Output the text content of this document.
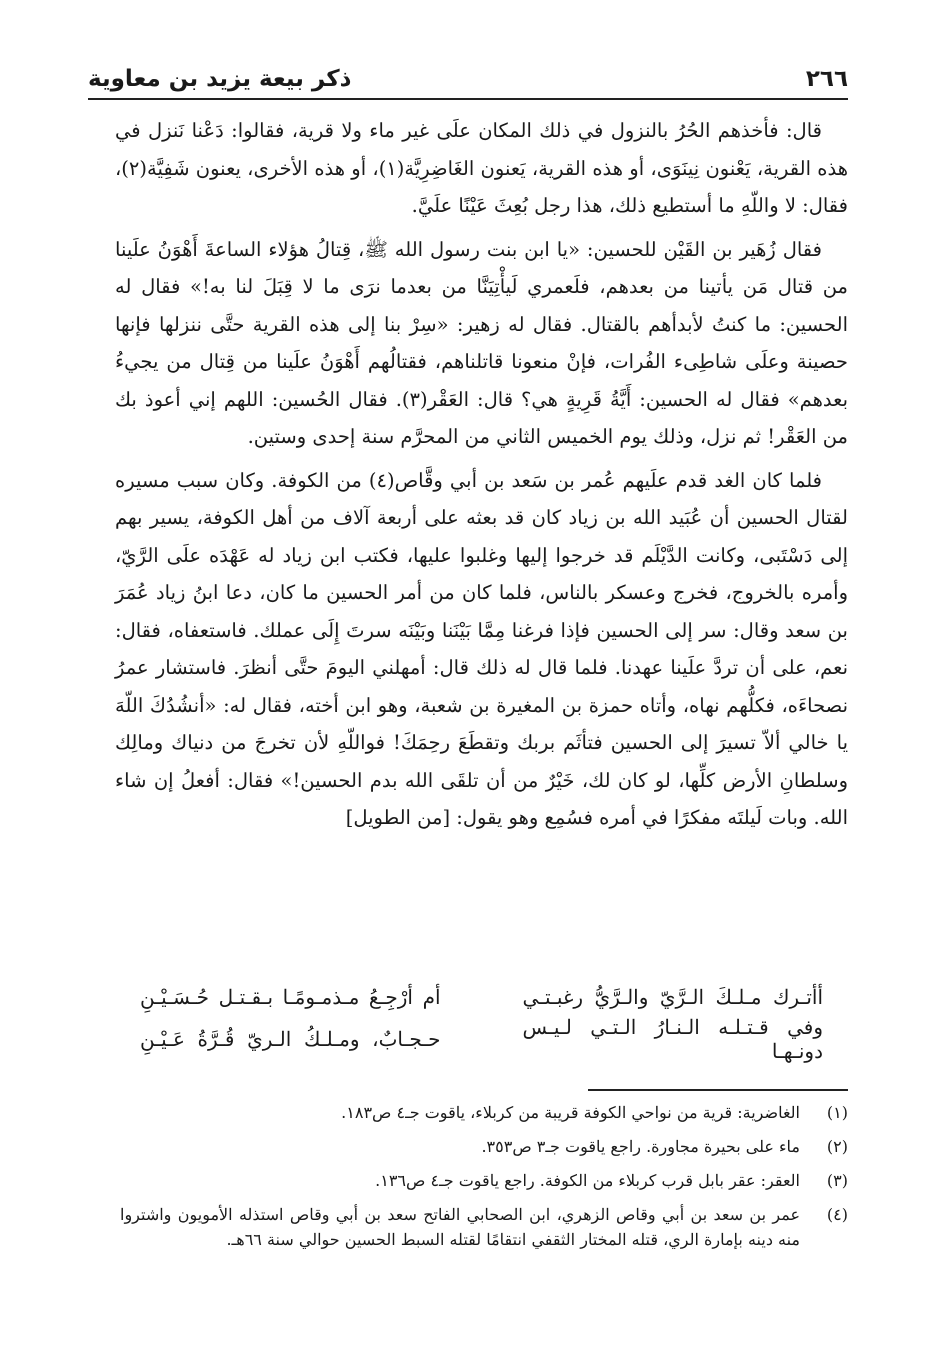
٢٦٦
ذكر بيعة يزيد بن معاوية

قال: فأخذهم الحُرُ بالنزول في ذلك المكان علَى غير ماء ولا قرية، فقالوا: دَعْنا نَنزل في هذه القرية، يَعْنون نِينَوَى، أو هذه القرية، يَعنون الغَاضِرِيَّة(١)، أو هذه الأخرى، يعنون شَفِيَّة(٢)، فقال: لا واللّهِ ما أستطيع ذلك، هذا رجل بُعِثَ عَيْنًا علَيَّ.

فقال زُهَير بن القَيْن للحسين: «يا ابن بنت رسول الله ﷺ، قِتالُ هؤلاء الساعةَ أَهْوَنُ علَينا من قتال مَن يأتينا من بعدهم، فلَعمري لَيأْتِيَنَّا من بعدما نرَى ما لا قِبَلَ لنا به!» فقال له الحسين: ما كنتُ لأبدأهم بالقتال. فقال له زهير: «سِرْ بنا إلى هذه القرية حتَّى ننزلها فإنها حصينة وعلَى شاطِىء الفُرات، فإنْ منعونا قاتلناهم، فقتالُهم أَهْوَنُ علَينا من قِتال من يجيءُ بعدهم» فقال له الحسين: أَيَّةُ قَرِيةٍ هي؟ قال: العَقْر(٣). فقال الحُسين: اللهم إني أعوذ بك من العَقْر! ثم نزل، وذلك يوم الخميس الثاني من المحرَّم سنة إحدى وستين.

فلما كان الغد قدم علَيهم عُمر بن سَعد بن أبي وقَّاص(٤) من الكوفة. وكان سبب مسيره لقتال الحسين أن عُبَيد الله بن زياد كان قد بعثه على أربعة آلاف من أهل الكوفة، يسير بهم إلى دَسْتَبى، وكانت الدَّيْلَم قد خرجوا إليها وغلبوا عليها، فكتب ابن زياد له عَهْدَه علَى الرَّيّ، وأمره بالخروج، فخرج وعسكر بالناس، فلما كان من أمر الحسين ما كان، دعا ابنُ زياد عُمَرَ بن سعد وقال: سر إلى الحسين فإذا فرغنا مِمَّا بَيْنَنا وبَيْنَه سرتَ إِلَى عملك. فاستعفاه، فقال: نعم، على أن تردَّ علَينا عهدنا. فلما قال له ذلك قال: أمهلني اليومَ حتَّى أنظرَ. فاستشار عمرُ نصحاءَه، فكلُّهم نهاه، وأتاه حمزة بن المغيرة بن شعبة، وهو ابن أخته، فقال له: «أنشُدُكَ اللّهَ يا خالي ألاّ تسيرَ إلى الحسين فتأثَم بربك وتقطَعَ رحِمَكَ! فواللّهِ لأن تخرجَ من دنياك ومالِك وسلطانِ الأرض كلِّها، لو كان لك، خَيْرٌ من أن تلقَى الله بدم الحسين!» فقال: أفعلُ إن شاء الله. وبات لَيلتَه مفكرًا في أمره فسُمِع وهو يقول: [من الطويل]

أأتـرك مـلـكَ الـرَّيّ والـرَّيُّ رغبـتـي
أم أرْجِـعُ مـذمـومًـا بـقـتـل حُـسَـيْـنِ
وفي قـتـلـه الـنـارُ الـتـي لـيـس دونـهـا
حـجـابٌ، ومـلـكُ الـريّ قُـرَّةُ عَـيْـنِ
(١)
الغاضرية: قرية من نواحي الكوفة قريبة من كربلاء، ياقوت جـ٤ ص١٨٣.
(٢)
ماء على بحيرة مجاورة. راجع ياقوت جـ٣ ص٣٥٣.
(٣)
العقر: عقر بابل قرب كربلاء من الكوفة. راجع ياقوت جـ٤ ص١٣٦.
(٤)
عمر بن سعد بن أبي وقاص الزهري، ابن الصحابي الفاتح سعد بن أبي وقاص استذله الأمويون واشتروا منه دينه بإمارة الري، قتله المختار الثقفي انتقامًا لقتله السبط الحسين حوالي سنة ٦٦هـ.
